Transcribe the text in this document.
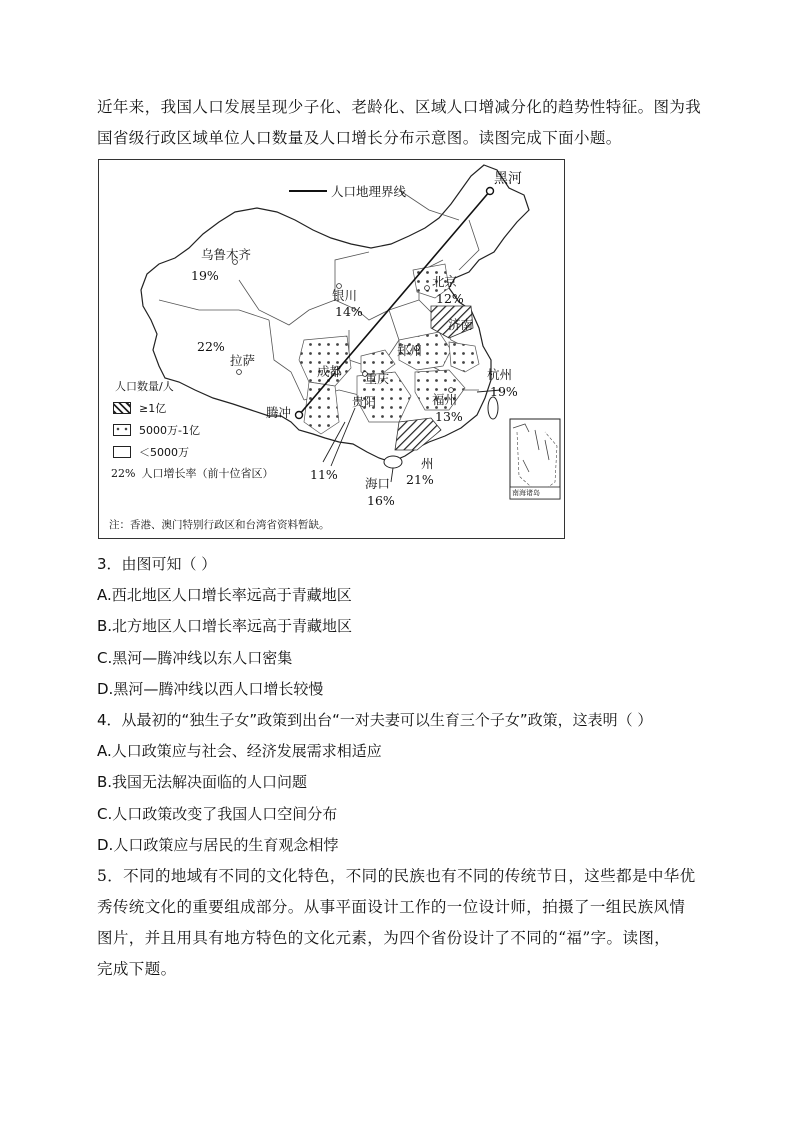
近年来，我国人口发展呈现少子化、老龄化、区域人口增减分化的趋势性特征。图为我

国省级行政区域单位人口数量及人口增长分布示意图。读图完成下面小题。

人口地理界线
黑河
乌鲁木齐
19%
银川
14%
北京
12%
济南
22%
拉萨
郑州
成都 重庆	杭州
19%
贵阳	福州
13%
腾冲
州
21%
11%
海口
16%	南海诸岛
人口数量/人
≥1亿
5000万-1亿
＜5000万
22% 人口增长率（前十位省区）
注：香港、澳门特别行政区和台湾省资料暂缺。
3．由图可知（ ）
A.西北地区人口增长率远高于青藏地区
B.北方地区人口增长率远高于青藏地区
C.黑河—腾冲线以东人口密集
D.黑河—腾冲线以西人口增长较慢
4．从最初的“独生子女”政策到出台“一对夫妻可以生育三个子女”政策，这表明（ ）
A.人口政策应与社会、经济发展需求相适应
B.我国无法解决面临的人口问题
C.人口政策改变了我国人口空间分布
D.人口政策应与居民的生育观念相悖

5．不同的地域有不同的文化特色，不同的民族也有不同的传统节日，这些都是中华优

秀传统文化的重要组成部分。从事平面设计工作的一位设计师，拍摄了一组民族风情

图片，并且用具有地方特色的文化元素，为四个省份设计了不同的“福”字。读图，

完成下题。
